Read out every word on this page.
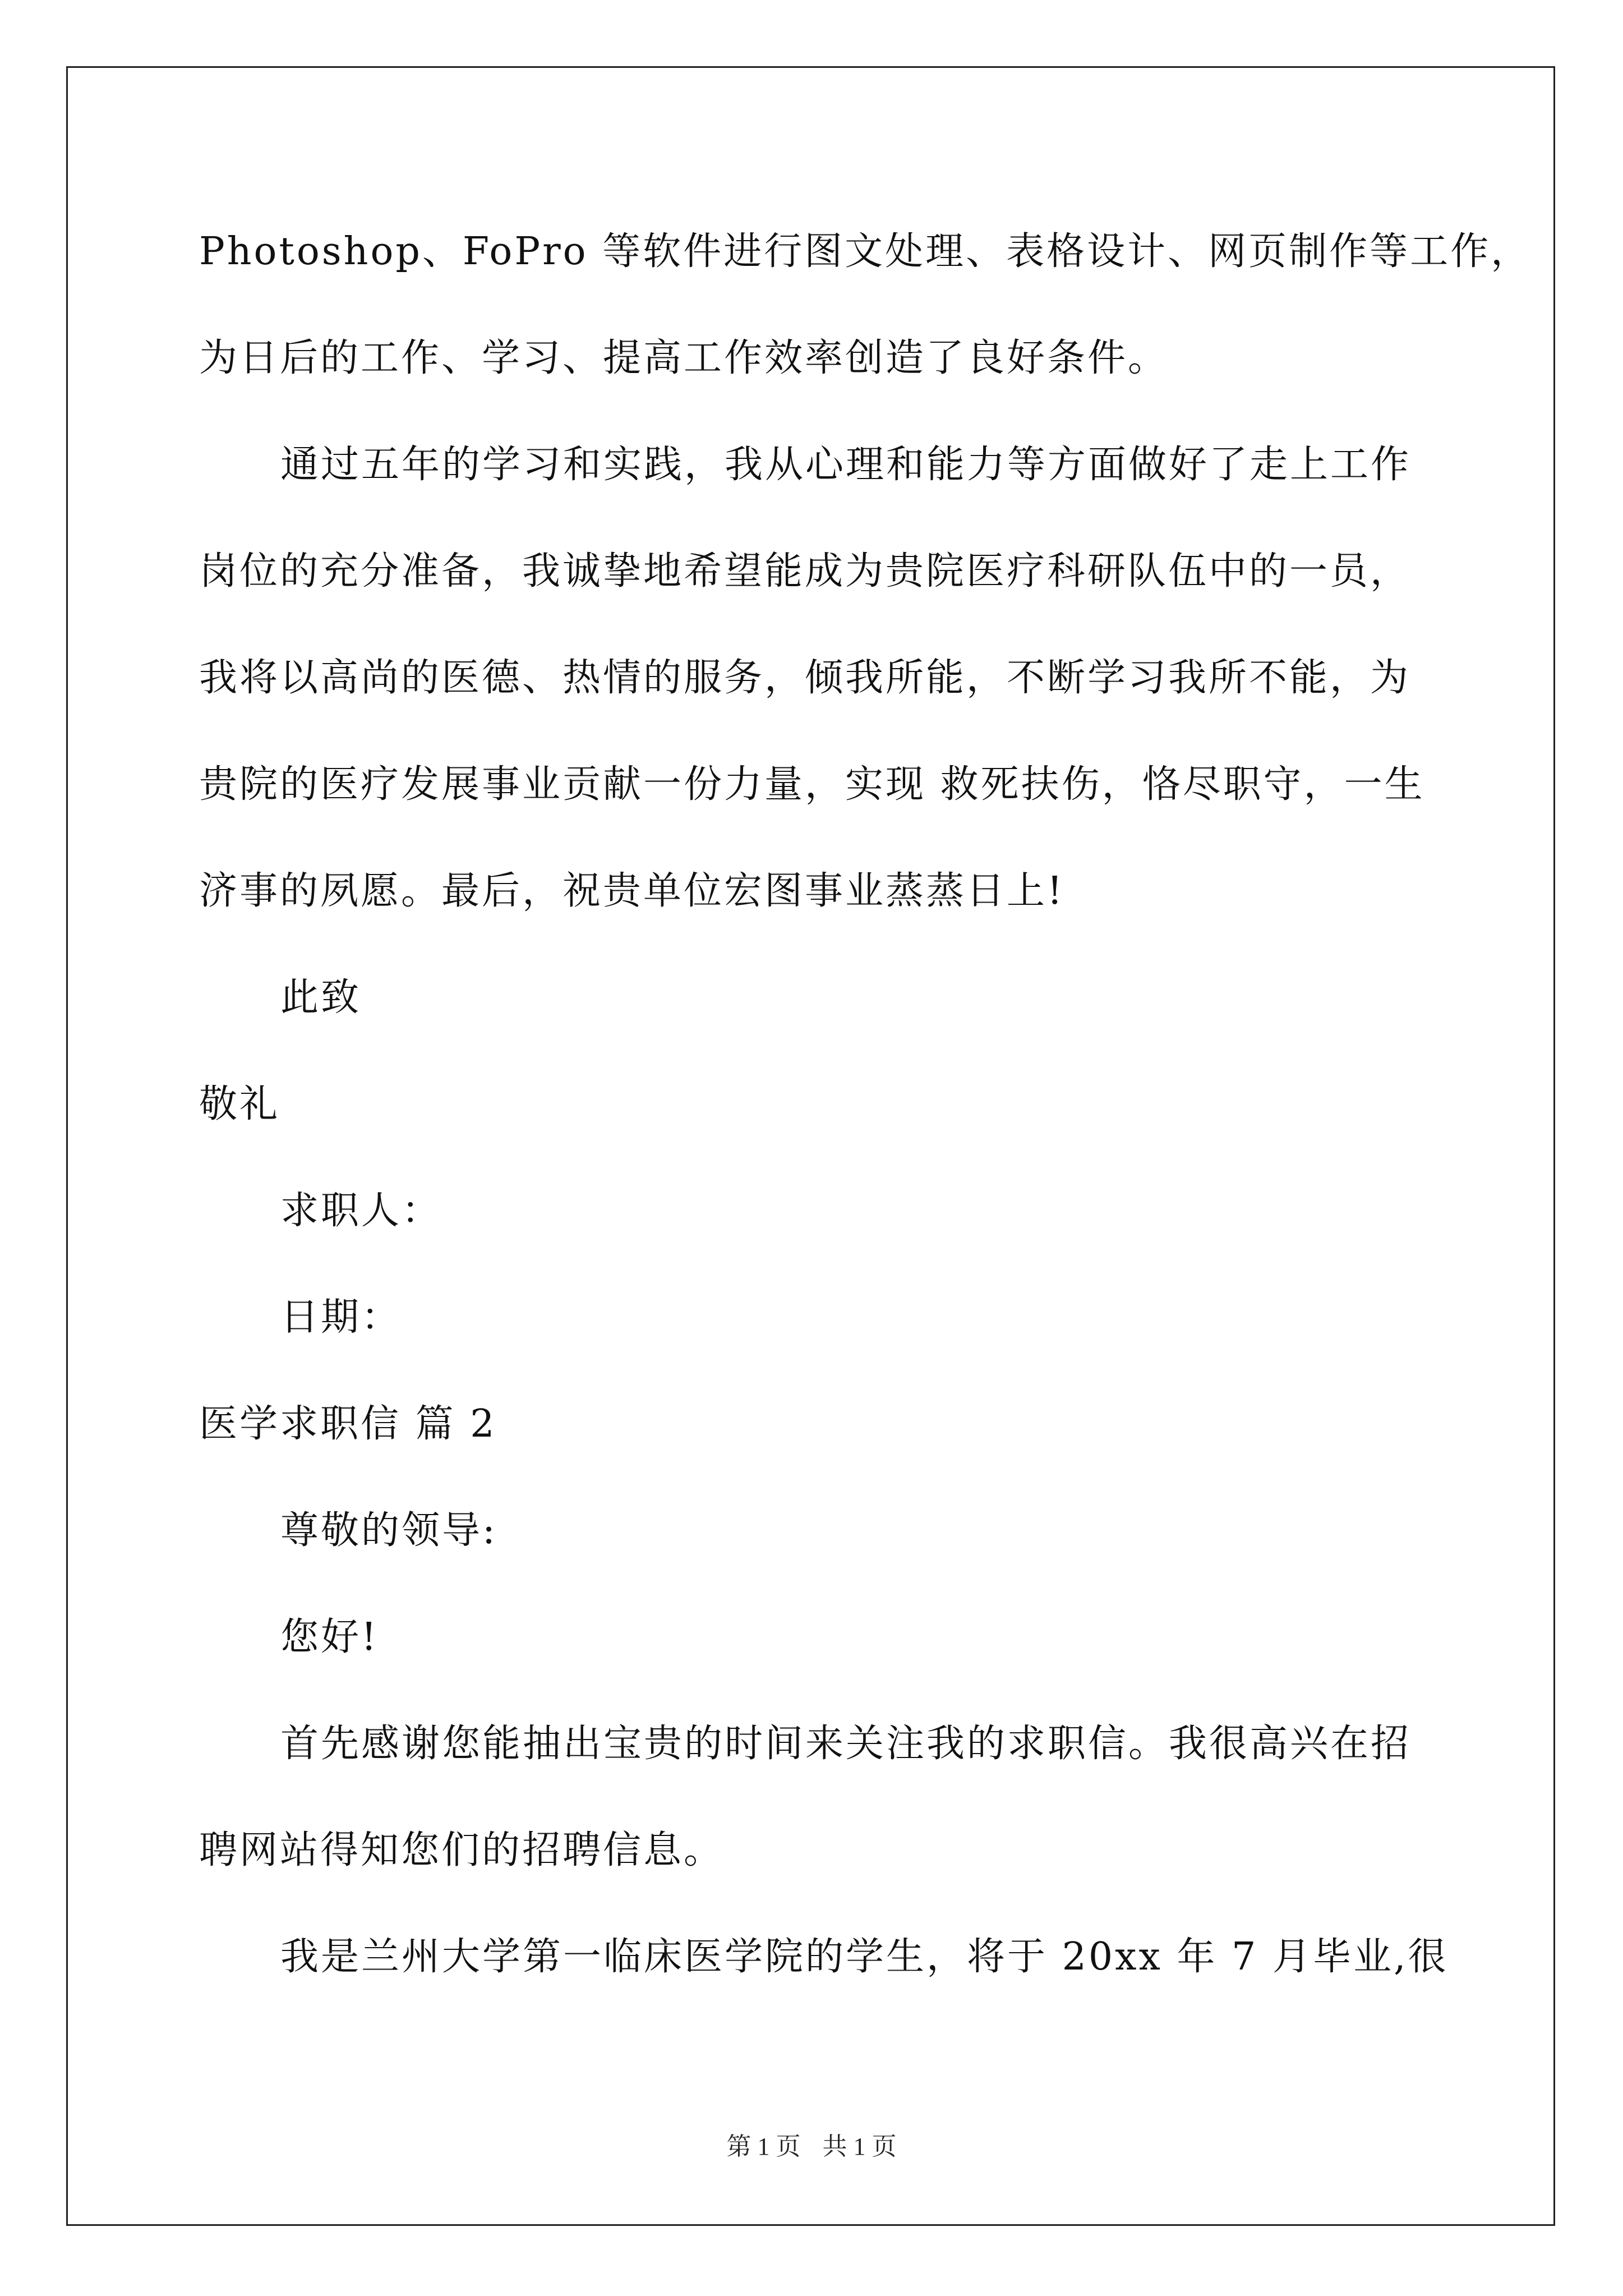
Photoshop、FoPro 等软件进行图文处理、表格设计、网页制作等工作，
为日后的工作、学习、提高工作效率创造了良好条件。
通过五年的学习和实践，我从心理和能力等方面做好了走上工作
岗位的充分准备，我诚挚地希望能成为贵院医疗科研队伍中的一员，
我将以高尚的医德、热情的服务，倾我所能，不断学习我所不能，为
贵院的医疗发展事业贡献一份力量，实现 救死扶伤，恪尽职守，一生
济事的夙愿。最后，祝贵单位宏图事业蒸蒸日上!
此致
敬礼
求职人：
日期：
医学求职信 篇 2
尊敬的领导:
您好!
首先感谢您能抽出宝贵的时间来关注我的求职信。我很高兴在招
聘网站得知您们的招聘信息。
我是兰州大学第一临床医学院的学生，将于 20xx 年 7 月毕业,很
第 1 页 共 1 页
